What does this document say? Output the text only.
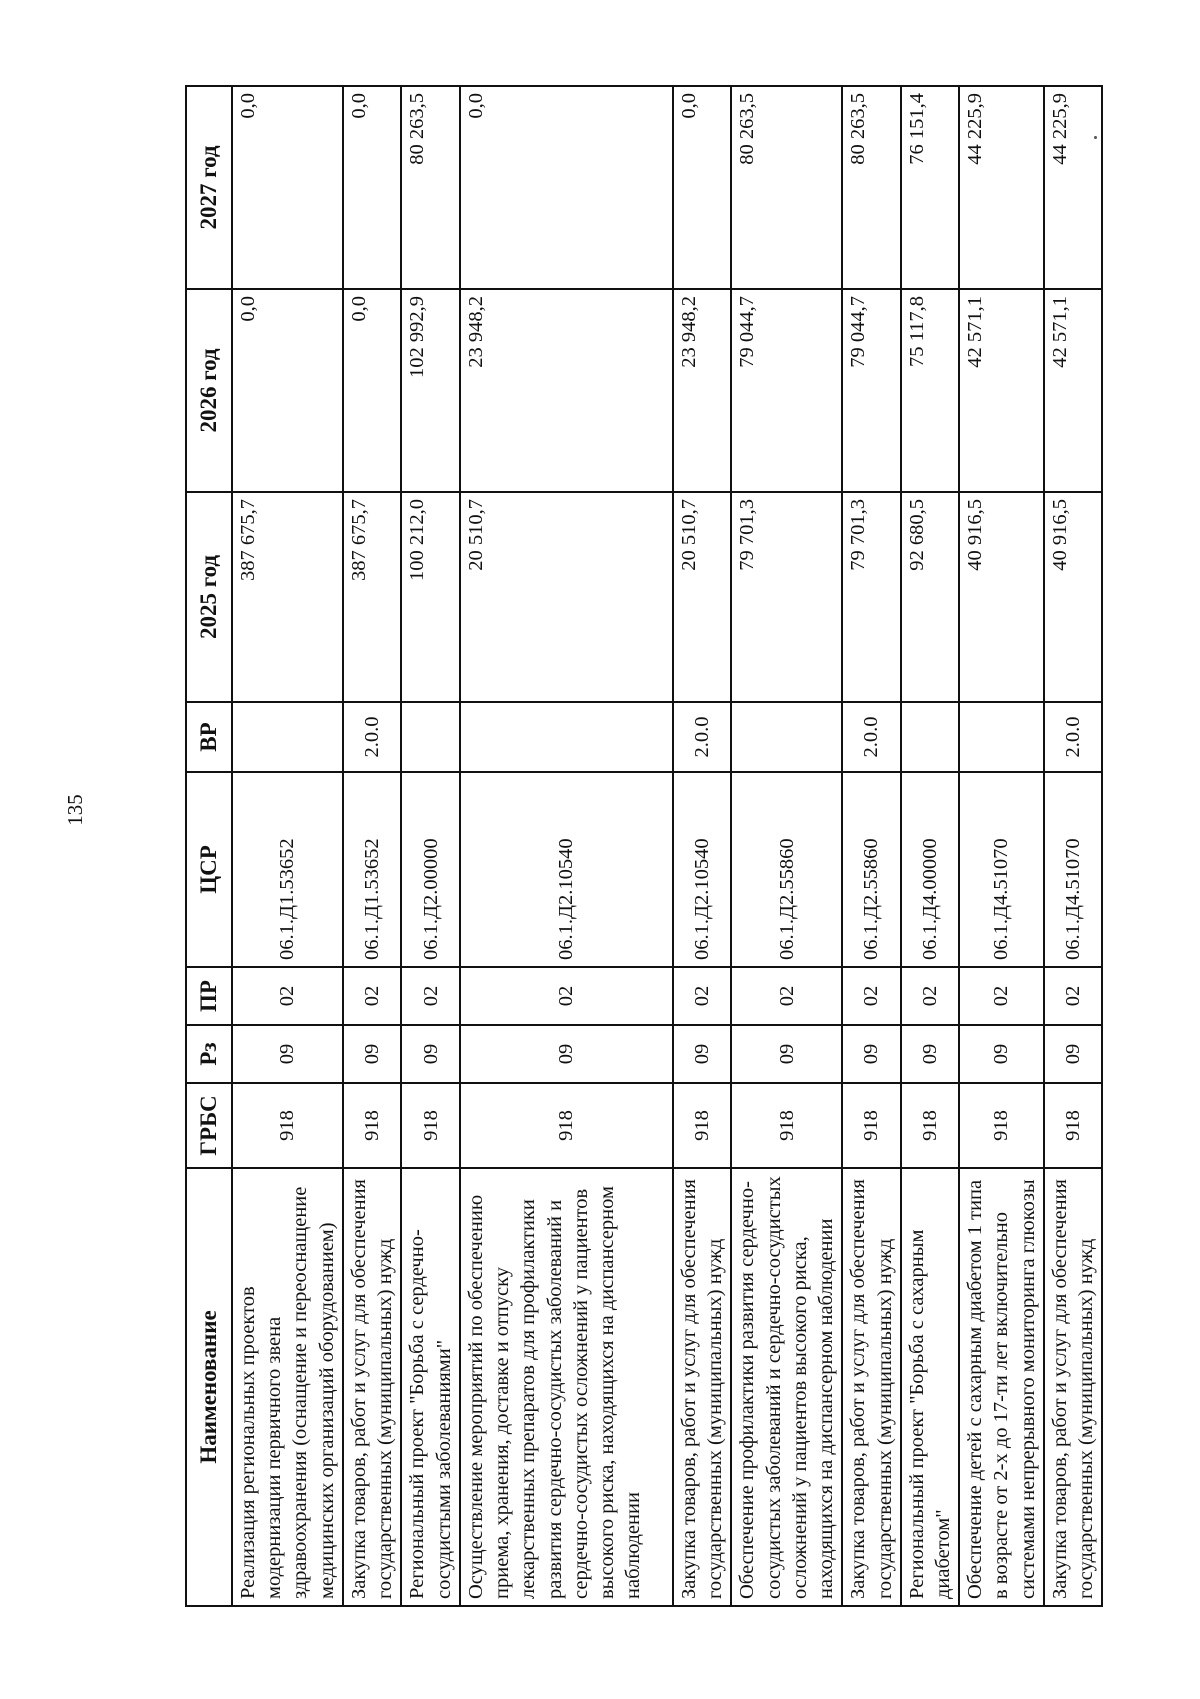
135
Наименование	ГРБС	Рз	ПР	ЦСР	ВР	2025 год	2026 год	2027 год
Реализация региональных проектов модернизации первичного звена здравоохранения (оснащение и переоснащение медицинских организаций оборудованием)	918	09	02	06.1.Д1.53652		387 675,7	0,0	0,0
Закупка товаров, работ и услуг для обеспечения государственных (муниципальных) нужд	918	09	02	06.1.Д1.53652	2.0.0	387 675,7	0,0	0,0
Региональный проект "Борьба с сердечно-сосудистыми заболеваниями"	918	09	02	06.1.Д2.00000		100 212,0	102 992,9	80 263,5
Осуществление мероприятий по обеспечению приема, хранения, доставке и отпуску лекарственных препаратов для профилактики развития сердечно-сосудистых заболеваний и сердечно-сосудистых осложнений у пациентов высокого риска, находящихся на диспансерном наблюдении	918	09	02	06.1.Д2.10540		20 510,7	23 948,2	0,0
Закупка товаров, работ и услуг для обеспечения государственных (муниципальных) нужд	918	09	02	06.1.Д2.10540	2.0.0	20 510,7	23 948,2	0,0
Обеспечение профилактики развития сердечно-сосудистых заболеваний и сердечно-сосудистых осложнений у пациентов высокого риска, находящихся на диспансерном наблюдении	918	09	02	06.1.Д2.55860		79 701,3	79 044,7	80 263,5
Закупка товаров, работ и услуг для обеспечения государственных (муниципальных) нужд	918	09	02	06.1.Д2.55860	2.0.0	79 701,3	79 044,7	80 263,5
Региональный проект "Борьба с сахарным диабетом"	918	09	02	06.1.Д4.00000		92 680,5	75 117,8	76 151,4
Обеспечение детей с сахарным диабетом 1 типа в возрасте от 2-х до 17-ти лет включительно системами непрерывного мониторинга глюкозы	918	09	02	06.1.Д4.51070		40 916,5	42 571,1	44 225,9
Закупка товаров, работ и услуг для обеспечения государственных (муниципальных) нужд	918	09	02	06.1.Д4.51070	2.0.0	40 916,5	42 571,1	44 225,9
